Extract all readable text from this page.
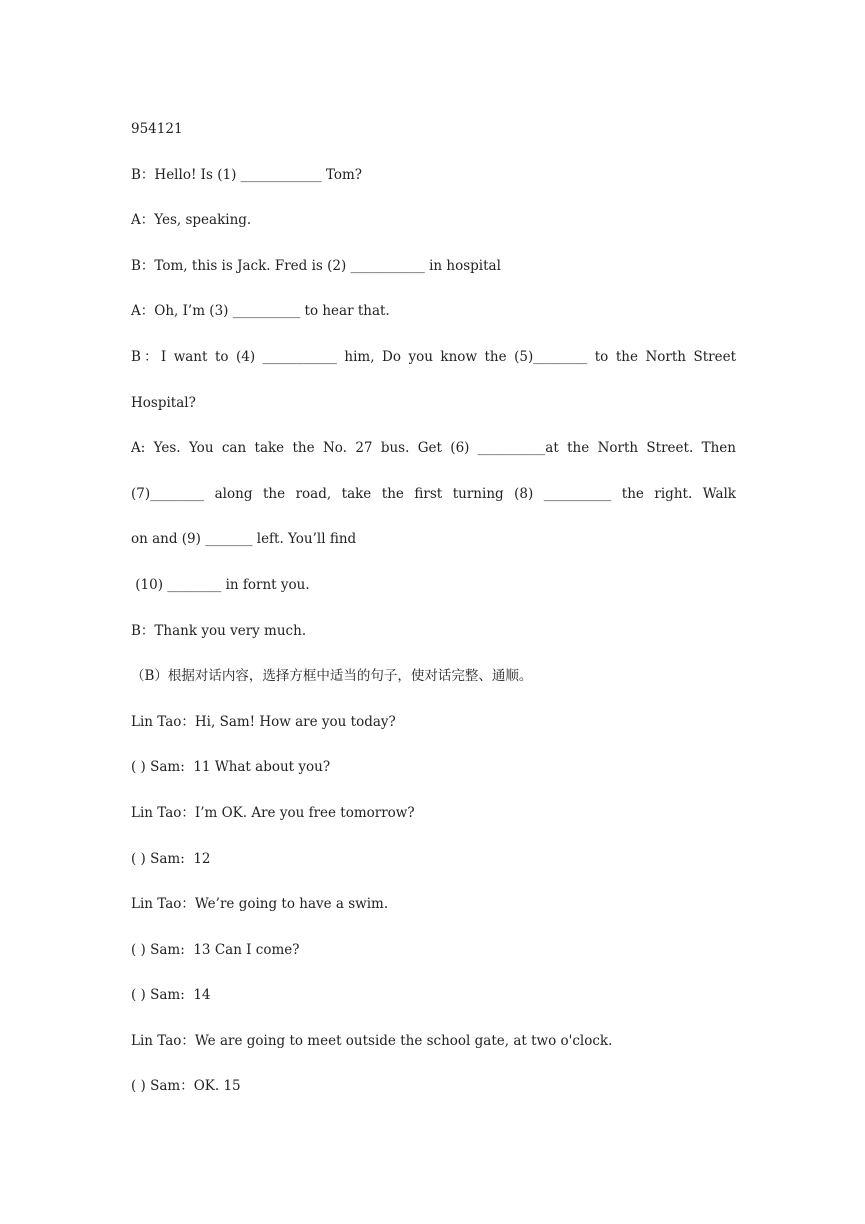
954121
B：Hello! Is (1) ____________ Tom?
A：Yes, speaking.
B：Tom, this is Jack. Fred is (2) ___________ in hospital
A：Oh, I’m (3) __________ to hear that.
B：I want to (4) ___________ him, Do you know the (5)________ to the North Street
Hospital?
A: Yes. You can take the No. 27 bus. Get (6) __________at the North Street. Then
(7)________ along the road, take the first turning (8) __________ the right. Walk
on and (9) _______ left. You’ll find
(10) ________ in fornt you.
B：Thank you very much.
（B）根据对话内容，选择方框中适当的句子，使对话完整、通顺。
Lin Tao：Hi, Sam! How are you today?
( ) Sam:  11 What about you?
Lin Tao：I’m OK. Are you free tomorrow?
( ) Sam:  12
Lin Tao：We’re going to have a swim.
( ) Sam:  13 Can I come?
( ) Sam:  14
Lin Tao：We are going to meet outside the school gate, at two o'clock.
( ) Sam：OK. 15
